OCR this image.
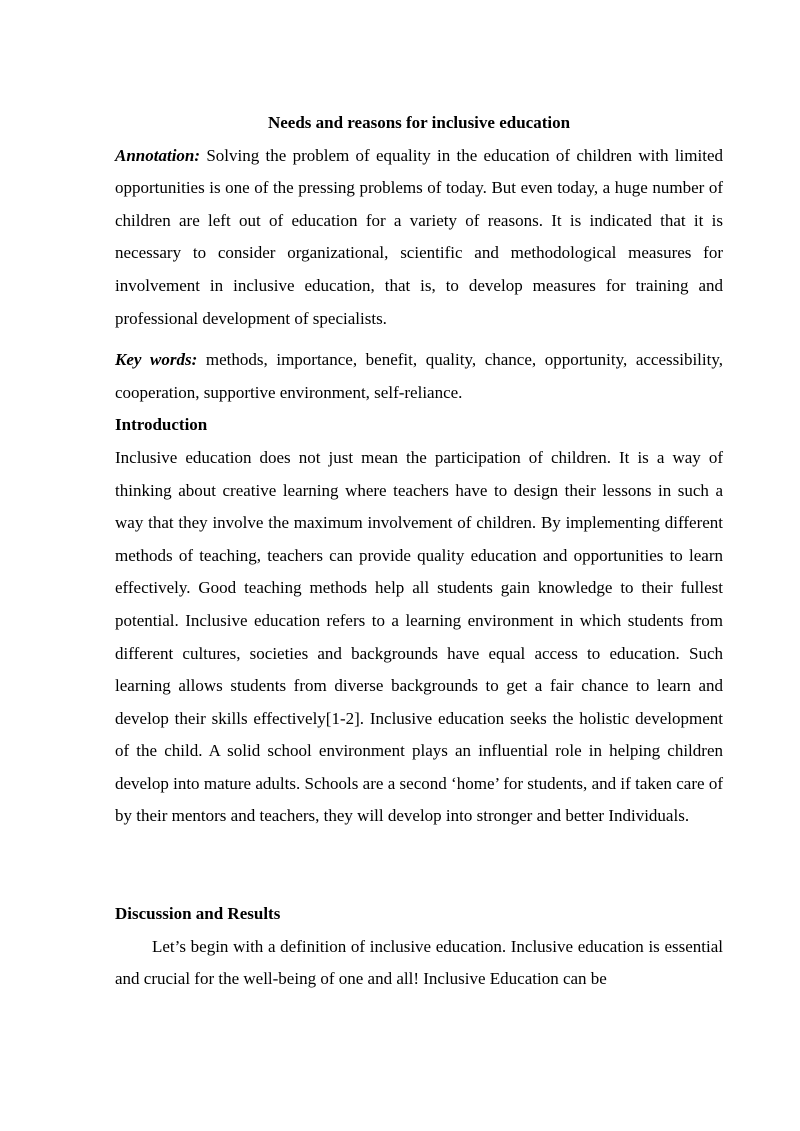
Needs and reasons for inclusive education

Annotation: Solving the problem of equality in the education of children with limited opportunities is one of the pressing problems of today. But even today, a huge number of children are left out of education for a variety of reasons. It is indicated that it is necessary to consider organizational, scientific and methodological measures for involvement in inclusive education, that is, to develop measures for training and professional development of specialists.

Key words: methods, importance, benefit, quality, chance, opportunity, accessibility, cooperation, supportive environment, self-reliance.

Introduction

Inclusive education does not just mean the participation of children. It is a way of thinking about creative learning where teachers have to design their lessons in such a way that they involve the maximum involvement of children. By implementing different methods of teaching, teachers can provide quality education and opportunities to learn effectively. Good teaching methods help all students gain knowledge to their fullest potential. Inclusive education refers to a learning environment in which students from different cultures, societies and backgrounds have equal access to education. Such learning allows students from diverse backgrounds to get a fair chance to learn and develop their skills effectively[1-2]. Inclusive education seeks the holistic development of the child. A solid school environment plays an influential role in helping children develop into mature adults. Schools are a second ‘home’ for students, and if taken care of by their mentors and teachers, they will develop into stronger and better Individuals.

Discussion and Results

Let’s begin with a definition of inclusive education. Inclusive education is essential and crucial for the well-being of one and all! Inclusive Education can be
